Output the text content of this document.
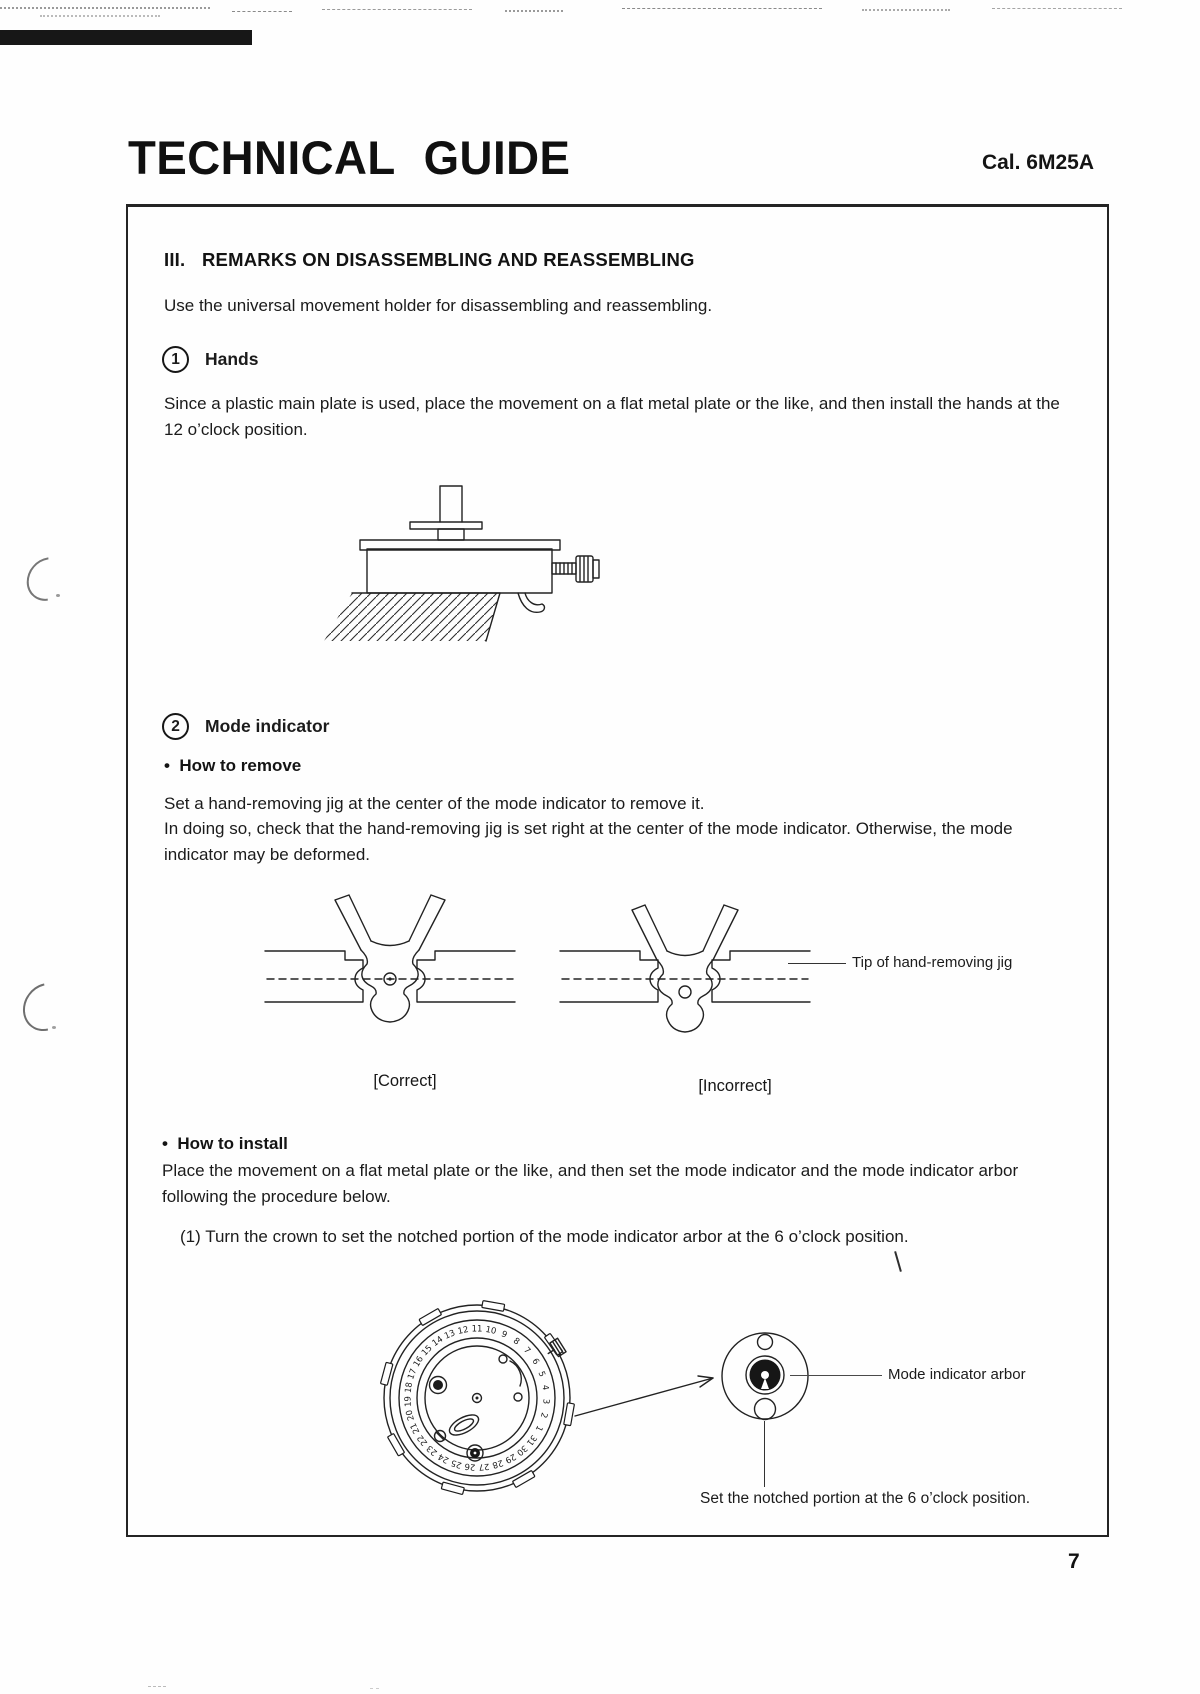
TECHNICAL GUIDE	Cal. 6M25A
III. REMARKS ON DISASSEMBLING AND REASSEMBLING
Use the universal movement holder for disassembling and reassembling.
1	Hands
Since a plastic main plate is used, place the movement on a flat metal plate or the like, and then install the hands at the 12 o’clock position.
2	Mode indicator
• How to remove
Set a hand-removing jig at the center of the mode indicator to remove it.
In doing so, check that the hand-removing jig is set right at the center of the mode indicator. Otherwise, the mode indicator may be deformed.
Tip of hand-removing jig
[Correct]	[Incorrect]
• How to install
Place the movement on a flat metal plate or the like, and then set the mode indicator and the mode indicator arbor following the procedure below.
(1) Turn the crown to set the notched portion of the mode indicator arbor at the 6 o’clock position.
1
2
3
4
5
6
7
8
9
10
11
12
13
14
15
16
17
18
19
20
21
22
23
24
25 26 27 28
29
30
31
Mode indicator arbor
Set the notched portion at the 6 o’clock position.
7
